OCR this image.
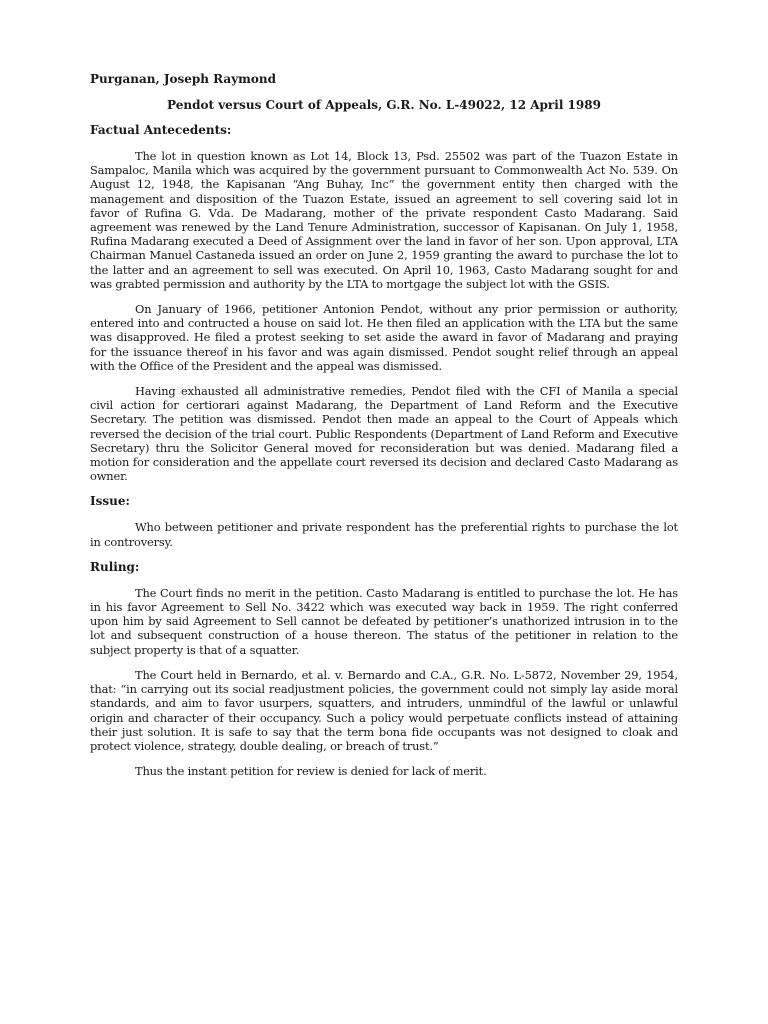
Purganan, Joseph Raymond

Pendot versus Court of Appeals, G.R. No. L-49022, 12 April 1989

Factual Antecedents:

The lot in question known as Lot 14, Block 13, Psd. 25502 was part of the Tuazon Estate in Sampaloc, Manila which was acquired by the government pursuant to Commonwealth Act No. 539. On August 12, 1948, the Kapisanan “Ang Buhay, Inc” the government entity then charged with the management and disposition of the Tuazon Estate, issued an agreement to sell covering said lot in favor of Rufina G. Vda. De Madarang, mother of the private respondent Casto Madarang. Said agreement was renewed by the Land Tenure Administration, successor of Kapisanan. On July 1, 1958, Rufina Madarang executed a Deed of Assignment over the land in favor of her son. Upon approval, LTA Chairman Manuel Castaneda issued an order on June 2, 1959 granting the award to purchase the lot to the latter and an agreement to sell was executed. On April 10, 1963, Casto Madarang sought for and was grabted permission and authority by the LTA to mortgage the subject lot with the GSIS.

On January of 1966, petitioner Antonion Pendot, without any prior permission or authority, entered into and contructed a house on said lot. He then filed an application with the LTA but the same was disapproved. He filed a protest seeking to set aside the award in favor of Madarang and praying for the issuance thereof in his favor and was again dismissed. Pendot sought relief through an appeal with the Office of the President and the appeal was dismissed.

Having exhausted all administrative remedies, Pendot filed with the CFI of Manila a special civil action for certiorari against Madarang, the Department of Land Reform and the Executive Secretary. The petition was dismissed. Pendot then made an appeal to the Court of Appeals which reversed the decision of the trial court. Public Respondents (Department of Land Reform and Executive Secretary) thru the Solicitor General moved for reconsideration but was denied. Madarang filed a motion for consideration and the appellate court reversed its decision and declared Casto Madarang as owner.

Issue:

Who between petitioner and private respondent has the preferential rights to purchase the lot in controversy.

Ruling:

The Court finds no merit in the petition. Casto Madarang is entitled to purchase the lot. He has in his favor Agreement to Sell No. 3422 which was executed way back in 1959. The right conferred upon him by said Agreement to Sell cannot be defeated by petitioner’s unathorized intrusion in to the lot and subsequent construction of a house thereon. The status of the petitioner in relation to the subject property is that of a squatter.

The Court held in Bernardo, et al. v. Bernardo and C.A., G.R. No. L-5872, November 29, 1954, that: “in carrying out its social readjustment policies, the government could not simply lay aside moral standards, and aim to favor usurpers, squatters, and intruders, unmindful of the lawful or unlawful origin and character of their occupancy. Such a policy would perpetuate conflicts instead of attaining their just solution. It is safe to say that the term bona fide occupants was not designed to cloak and protect violence, strategy, double dealing, or breach of trust.”

Thus the instant petition for review is denied for lack of merit.
